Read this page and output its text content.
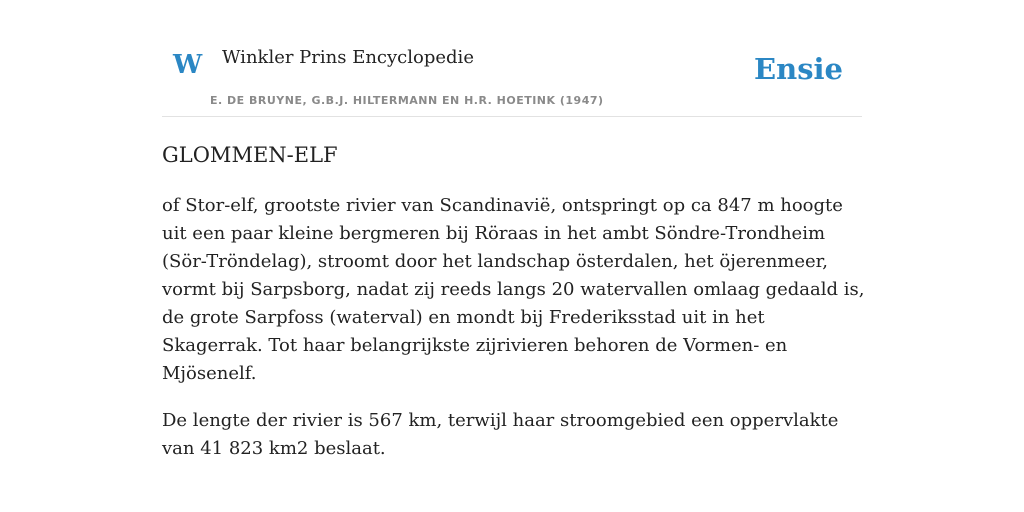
W Winkler Prins Encyclopedie
E. DE BRUYNE, G.B.J. HILTERMANN EN H.R. HOETINK (1947)
Ensie
GLOMMEN-ELF

of Stor-elf, grootste rivier van Scandinavië, ontspringt op ca 847 m hoogte uit een paar kleine bergmeren bij Röraas in het ambt Söndre-Trondheim (Sör-Tröndelag), stroomt door het landschap österdalen, het öjerenmeer, vormt bij Sarpsborg, nadat zij reeds langs 20 watervallen omlaag gedaald is, de grote Sarpfoss (waterval) en mondt bij Frederiksstad uit in het Skagerrak. Tot haar belangrijkste zijrivieren behoren de Vormen- en Mjösenelf.

De lengte der rivier is 567 km, terwijl haar stroomgebied een oppervlakte van 41 823 km2 beslaat.
